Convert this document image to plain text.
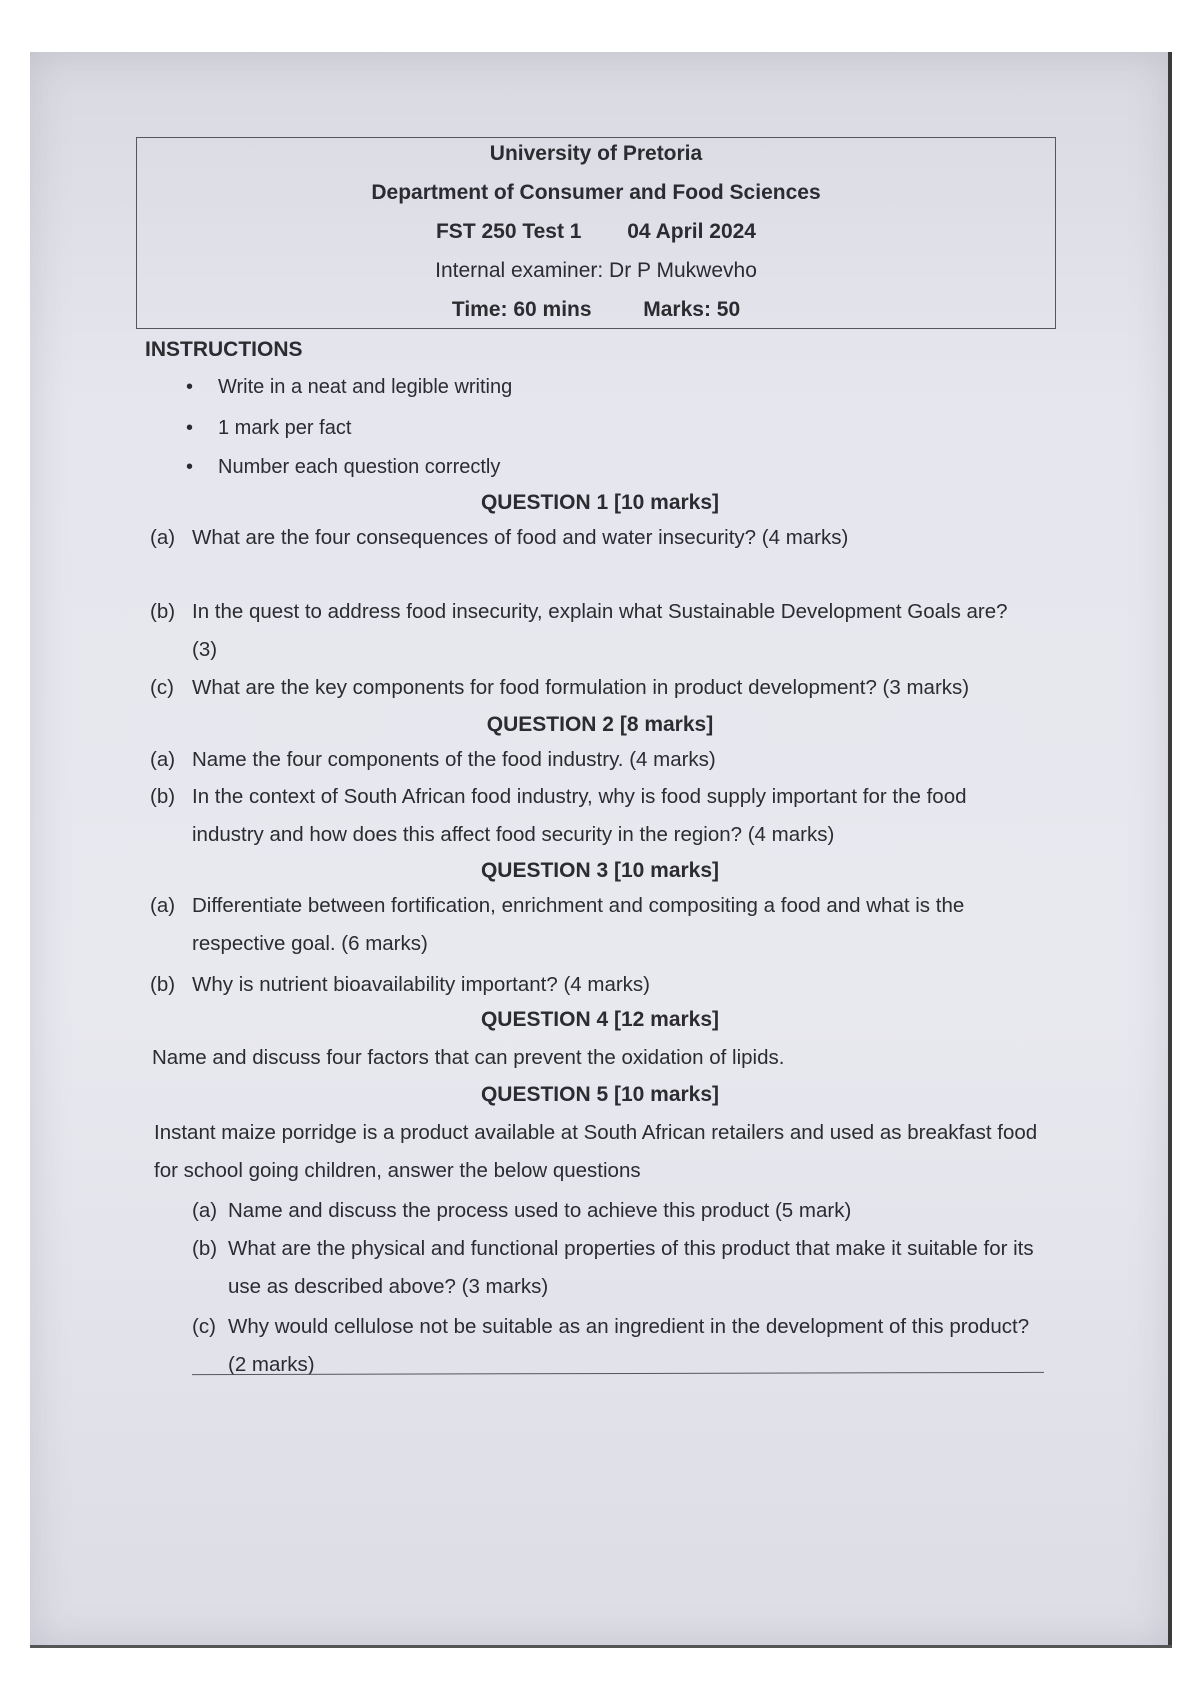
University of Pretoria
Department of Consumer and Food Sciences
FST 250 Test 1 04 April 2024
Internal examiner: Dr P Mukwevho
Time: 60 mins Marks: 50
INSTRUCTIONS
• Write in a neat and legible writing
• 1 mark per fact
• Number each question correctly
QUESTION 1 [10 marks]
(a) What are the four consequences of food and water insecurity? (4 marks)
(b) In the quest to address food insecurity, explain what Sustainable Development Goals are? (3)
(c) What are the key components for food formulation in product development? (3 marks)
QUESTION 2 [8 marks]
(a) Name the four components of the food industry. (4 marks)
(b) In the context of South African food industry, why is food supply important for the food industry and how does this affect food security in the region? (4 marks)
QUESTION 3 [10 marks]
(a) Differentiate between fortification, enrichment and compositing a food and what is the respective goal. (6 marks)
(b) Why is nutrient bioavailability important? (4 marks)
QUESTION 4 [12 marks]
Name and discuss four factors that can prevent the oxidation of lipids.
QUESTION 5 [10 marks]
Instant maize porridge is a product available at South African retailers and used as breakfast food for school going children, answer the below questions
(a) Name and discuss the process used to achieve this product (5 mark)
(b) What are the physical and functional properties of this product that make it suitable for its use as described above? (3 marks)
(c) Why would cellulose not be suitable as an ingredient in the development of this product? (2 marks)
